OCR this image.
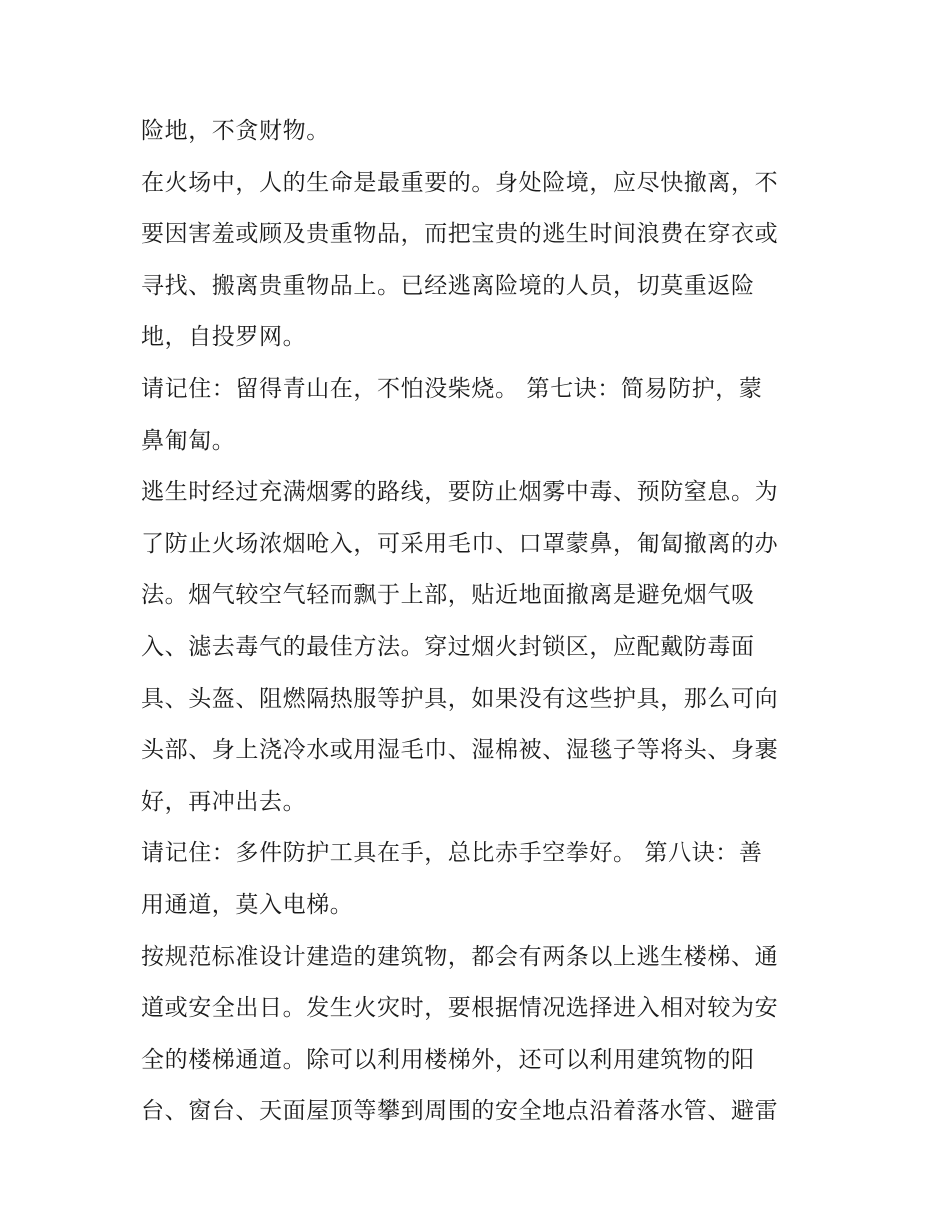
险地，不贪财物。
在火场中，人的生命是最重要的。身处险境，应尽快撤离，不
要因害羞或顾及贵重物品，而把宝贵的逃生时间浪费在穿衣或
寻找、搬离贵重物品上。已经逃离险境的人员，切莫重返险
地，自投罗网。
请记住：留得青山在，不怕没柴烧。 第七诀：简易防护，蒙
鼻匍匐。
逃生时经过充满烟雾的路线，要防止烟雾中毒、预防窒息。为
了防止火场浓烟呛入，可采用毛巾、口罩蒙鼻，匍匐撤离的办
法。烟气较空气轻而飘于上部，贴近地面撤离是避免烟气吸
入、滤去毒气的最佳方法。穿过烟火封锁区，应配戴防毒面
具、头盔、阻燃隔热服等护具，如果没有这些护具，那么可向
头部、身上浇冷水或用湿毛巾、湿棉被、湿毯子等将头、身裹
好，再冲出去。
请记住：多件防护工具在手，总比赤手空拳好。 第八诀：善
用通道，莫入电梯。
按规范标准设计建造的建筑物，都会有两条以上逃生楼梯、通
道或安全出日。发生火灾时，要根据情况选择进入相对较为安
全的楼梯通道。除可以利用楼梯外，还可以利用建筑物的阳
台、窗台、天面屋顶等攀到周围的安全地点沿着落水管、避雷
